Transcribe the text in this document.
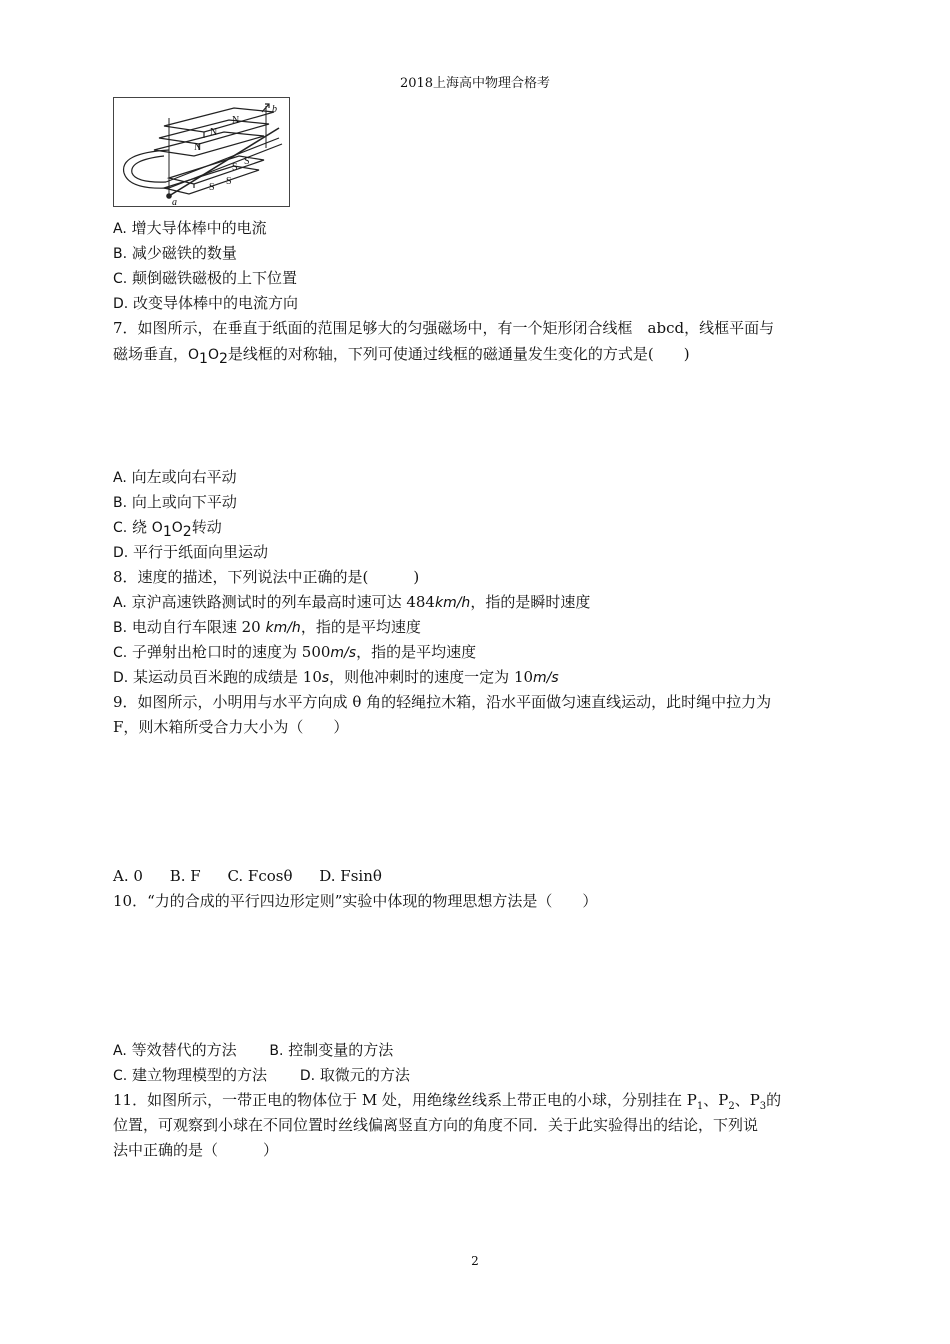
2018上海高中物理合格考
N
N
N
S
S
S
S
a
b
A. 增大导体棒中的电流
B. 减少磁铁的数量
C. 颠倒磁铁磁极的上下位置
D. 改变导体棒中的电流方向
7．如图所示，在垂直于纸面的范围足够大的匀强磁场中，有一个矩形闭合线框　abcd，线框平面与
磁场垂直，$O_1O_2$是线框的对称轴，下列可使通过线框的磁通量发生变化的方式是(　　)
A. 向左或向右平动
B. 向上或向下平动
C. 绕 $O_1O_2$转动
D. 平行于纸面向里运动
8．速度的描述，下列说法中正确的是(　　　)
A. 京沪高速铁路测试时的列车最高时速可达 484km/h，指的是瞬时速度
B. 电动自行车限速 20 km/h，指的是平均速度
C. 子弹射出枪口时的速度为 500m/s，指的是平均速度
D. 某运动员百米跑的成绩是 10s，则他冲刺时的速度一定为 10m/s
9．如图所示，小明用与水平方向成 θ 角的轻绳拉木箱，沿水平面做匀速直线运动，此时绳中拉力为
F，则木箱所受合力大小为（　　）
A. 0 B. F C. Fcosθ D. Fsinθ
10．“力的合成的平行四边形定则”实验中体现的物理思想方法是（　　）
A. 等效替代的方法 B. 控制变量的方法
C. 建立物理模型的方法 D. 取微元的方法
11．如图所示，一带正电的物体位于 M 处，用绝缘丝线系上带正电的小球，分别挂在 $P_1$、$P_2$、$P_3$的
位置，可观察到小球在不同位置时丝线偏离竖直方向的角度不同．关于此实验得出的结论，下列说
法中正确的是（　　　）
2
